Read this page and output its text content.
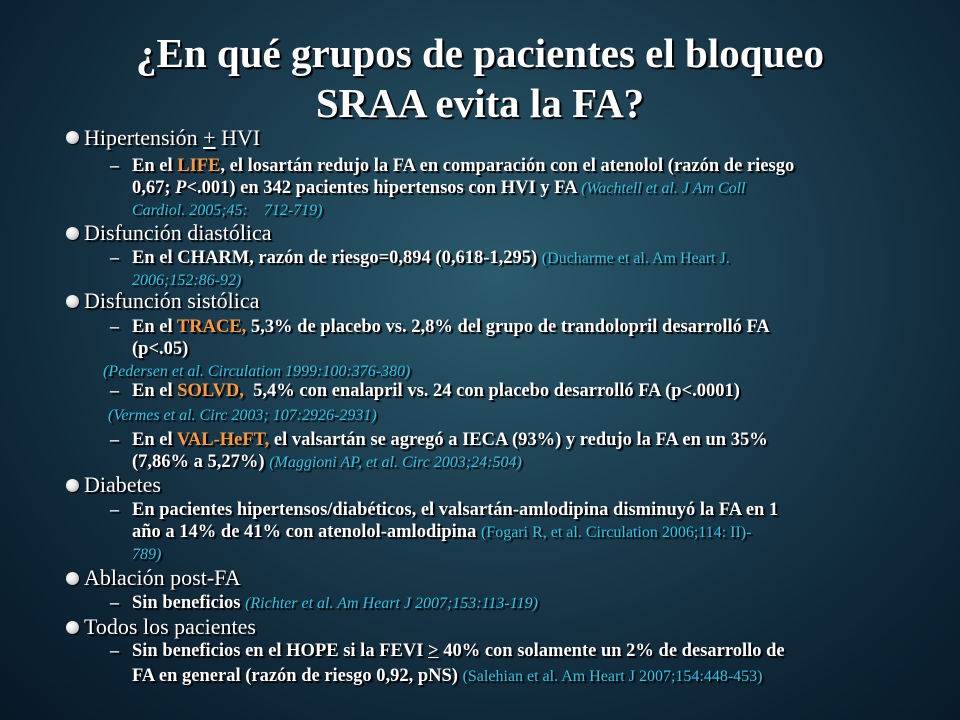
¿En qué grupos de pacientes el bloqueo
SRAA evita la FA?

Hipertensión + HVI

– En el LIFE, el losartán redujo la FA en comparación con el atenolol (razón de riesgo

0,67; P<.001) en 342 pacientes hipertensos con HVI y FA (Wachtell et al. J Am Coll

Cardiol. 2005;45:    712-719)

Disfunción diastólica

– En el CHARM, razón de riesgo=0,894 (0,618-1,295) (Ducharme et al. Am Heart J.

2006;152:86-92)

Disfunción sistólica

– En el TRACE, 5,3% de placebo vs. 2,8% del grupo de trandolopril desarrolló FA

(p<.05)

(Pedersen et al. Circulation 1999:100:376-380)

– En el SOLVD,  5,4% con enalapril vs. 24 con placebo desarrolló FA (p<.0001)

(Vermes et al. Circ 2003; 107:2926-2931)

– En el VAL-HeFT, el valsartán se agregó a IECA (93%) y redujo la FA en un 35%

(7,86% a 5,27%) (Maggioni AP, et al. Circ 2003;24:504)

Diabetes

– En pacientes hipertensos/diabéticos, el valsartán-amlodipina disminuyó la FA en 1

año a 14% de 41% con atenolol-amlodipina (Fogari R, et al. Circulation 2006;114: II)-

789)

Ablación post-FA

– Sin beneficios (Richter et al. Am Heart J 2007;153:113-119)

Todos los pacientes

– Sin beneficios en el HOPE si la FEVI > 40% con solamente un 2% de desarrollo de

FA en general (razón de riesgo 0,92, pNS) (Salehian et al. Am Heart J 2007;154:448-453)
